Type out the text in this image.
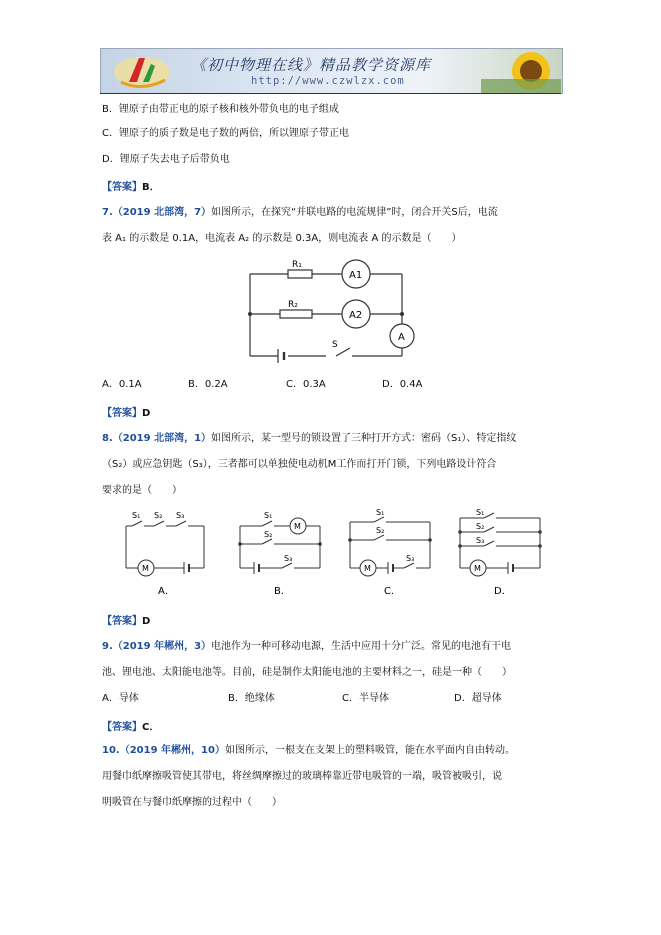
《初中物理在线》精品教学资源库
http://www.czwlzx.com
B．锂原子由带正电的原子核和核外带负电的电子组成
C．锂原子的质子数是电子数的两倍，所以锂原子带正电
D．锂原子失去电子后带负电
【答案】B．
7.（2019 北部湾，7）如图所示，在探究“并联电路的电流规律”时，闭合开关S后，电流
表 A₁ 的示数是 0.1A，电流表 A₂ 的示数是 0.3A，则电流表 A 的示数是（　　）
R₁
R₂
A1
A2
A
S
A．0.1A	B．0.2A	C．0.3A	D．0.4A
【答案】D
8.（2019 北部湾，1）如图所示，某一型号的锁设置了三种打开方式：密码（S₁）、特定指纹
（S₂）或应急钥匙（S₃），三者都可以单独使电动机M工作而打开门锁，下列电路设计符合
要求的是（　　）
S₁ S₂ S₃
M
A．
S₁
S₂
S₃
M
B．
S₁
S₂
S₃
M
C．
S₁
S₂
S₃
M
D．
【答案】D
9.（2019 年郴州，3）电池作为一种可移动电源，生活中应用十分广泛。常见的电池有干电
池、锂电池、太阳能电池等。目前，硅是制作太阳能电池的主要材料之一，硅是一种（　　）
A．导体	B．绝缘体	C．半导体	D．超导体
【答案】C．
10.（2019 年郴州，10）如图所示，一根支在支架上的塑料吸管，能在水平面内自由转动。
用餐巾纸摩擦吸管使其带电，将丝绸摩擦过的玻璃棒靠近带电吸管的一端，吸管被吸引，说
明吸管在与餐巾纸摩擦的过程中（　　）
